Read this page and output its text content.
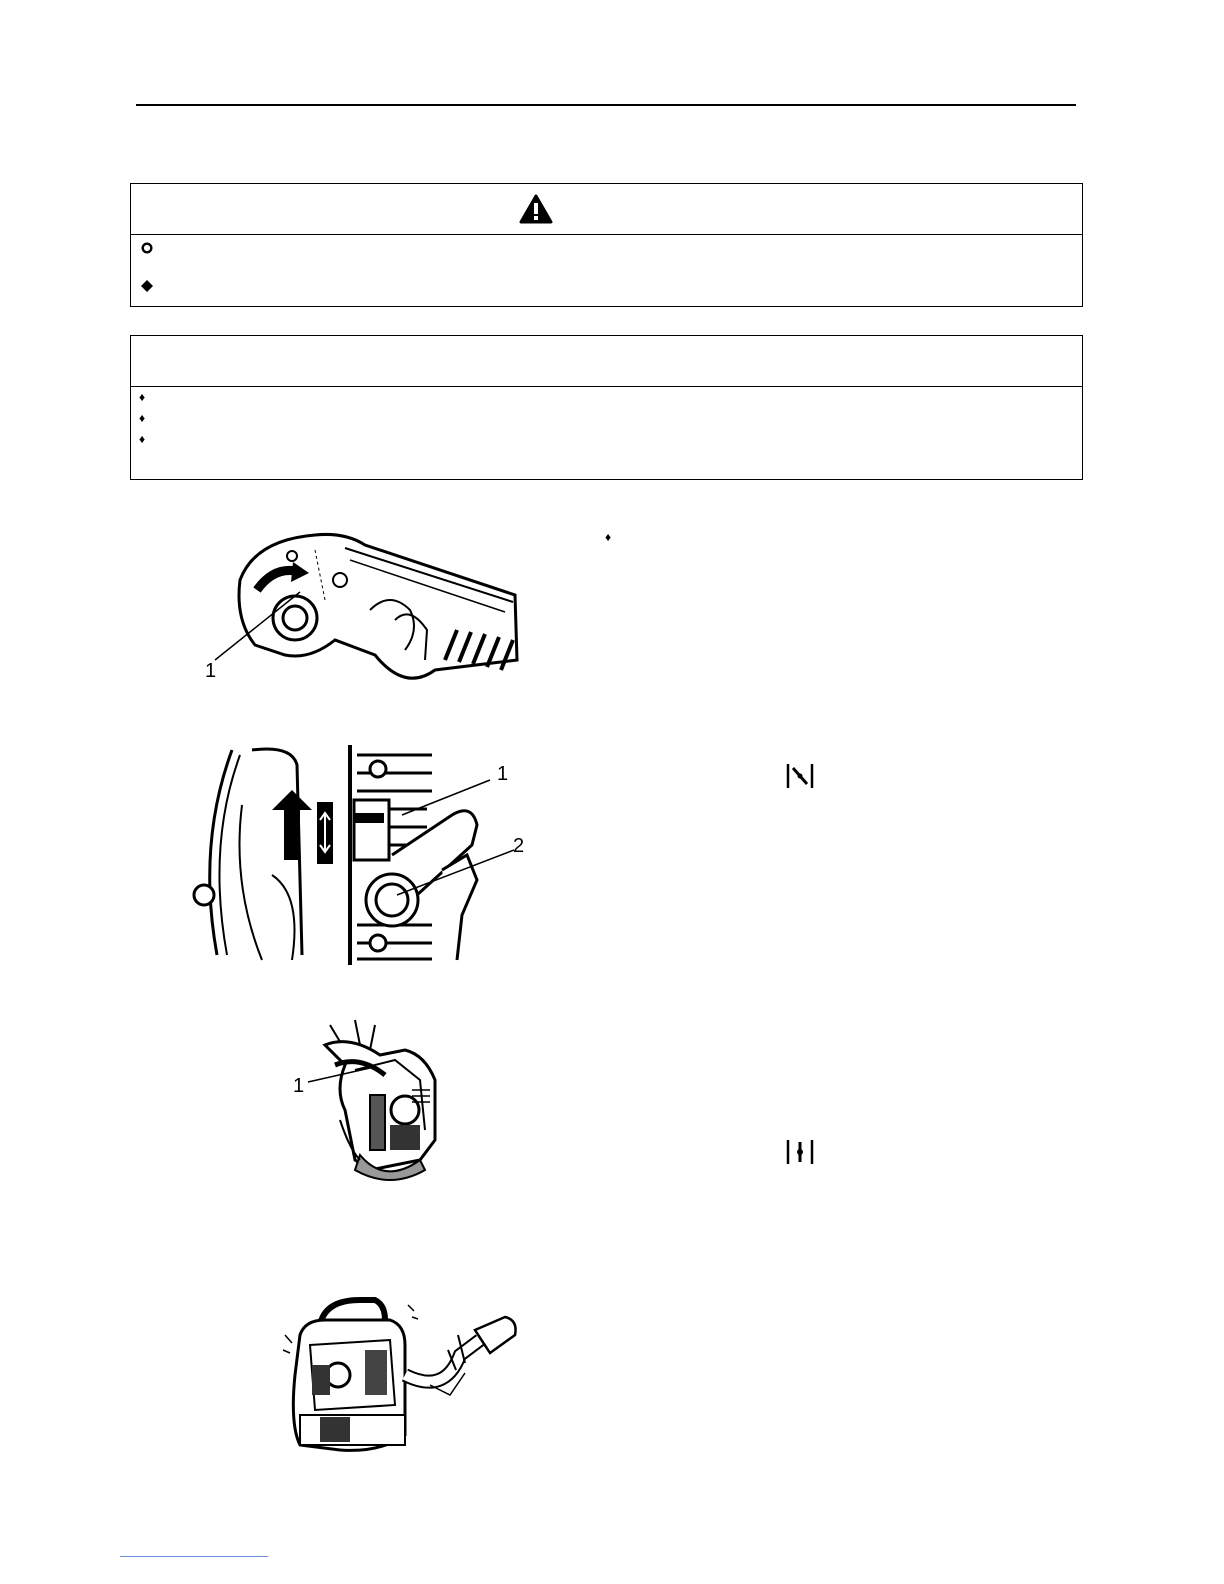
♦
♦
♦
1
♦
1
2
1
